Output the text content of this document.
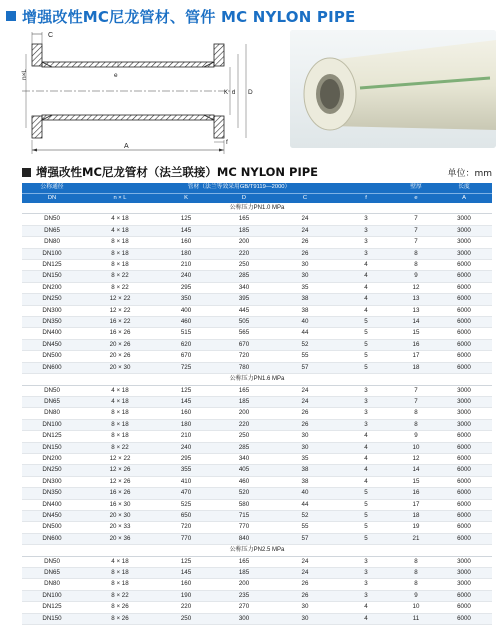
增强改性MC尼龙管材、管件 MC NYLON PIPE
C
n×L	e
K d D
f
A
增强改性MC尼龙管材（法兰联接）MC NYLON PIPE	单位：mm
公称通径	管材（法兰等效采用GB/T9119—2000）					壁厚	长度
DN	n × L	K	D	C	f	e	A
公称压力PN1.0 MPa							
DN50	4 × 18	125	165	24	3	7	3000
DN65	4 × 18	145	185	24	3	7	3000
DN80	8 × 18	160	200	26	3	7	3000
DN100	8 × 18	180	220	26	3	8	3000
DN125	8 × 18	210	250	30	4	8	6000
DN150	8 × 22	240	285	30	4	9	6000
DN200	8 × 22	295	340	35	4	12	6000
DN250	12 × 22	350	395	38	4	13	6000
DN300	12 × 22	400	445	38	4	13	6000
DN350	16 × 22	460	505	40	5	14	6000
DN400	16 × 26	515	565	44	5	15	6000
DN450	20 × 26	620	670	52	5	16	6000
DN500	20 × 26	670	720	55	5	17	6000
DN600	20 × 30	725	780	57	5	18	6000
公称压力PN1.6 MPa							
DN50	4 × 18	125	165	24	3	7	3000
DN65	4 × 18	145	185	24	3	7	3000
DN80	8 × 18	160	200	26	3	8	3000
DN100	8 × 18	180	220	26	3	8	3000
DN125	8 × 18	210	250	30	4	9	6000
DN150	8 × 22	240	285	30	4	10	6000
DN200	12 × 22	295	340	35	4	12	6000
DN250	12 × 26	355	405	38	4	14	6000
DN300	12 × 26	410	460	38	4	15	6000
DN350	16 × 26	470	520	40	5	16	6000
DN400	16 × 30	525	580	44	5	17	6000
DN450	20 × 30	650	715	52	5	18	6000
DN500	20 × 33	720	770	55	5	19	6000
DN600	20 × 36	770	840	57	5	21	6000
公称压力PN2.5 MPa							
DN50	4 × 18	125	165	24	3	8	3000
DN65	8 × 18	145	185	24	3	8	3000
DN80	8 × 18	160	200	26	3	8	3000
DN100	8 × 22	190	235	26	3	9	6000
DN125	8 × 26	220	270	30	4	10	6000
DN150	8 × 26	250	300	30	4	11	6000
